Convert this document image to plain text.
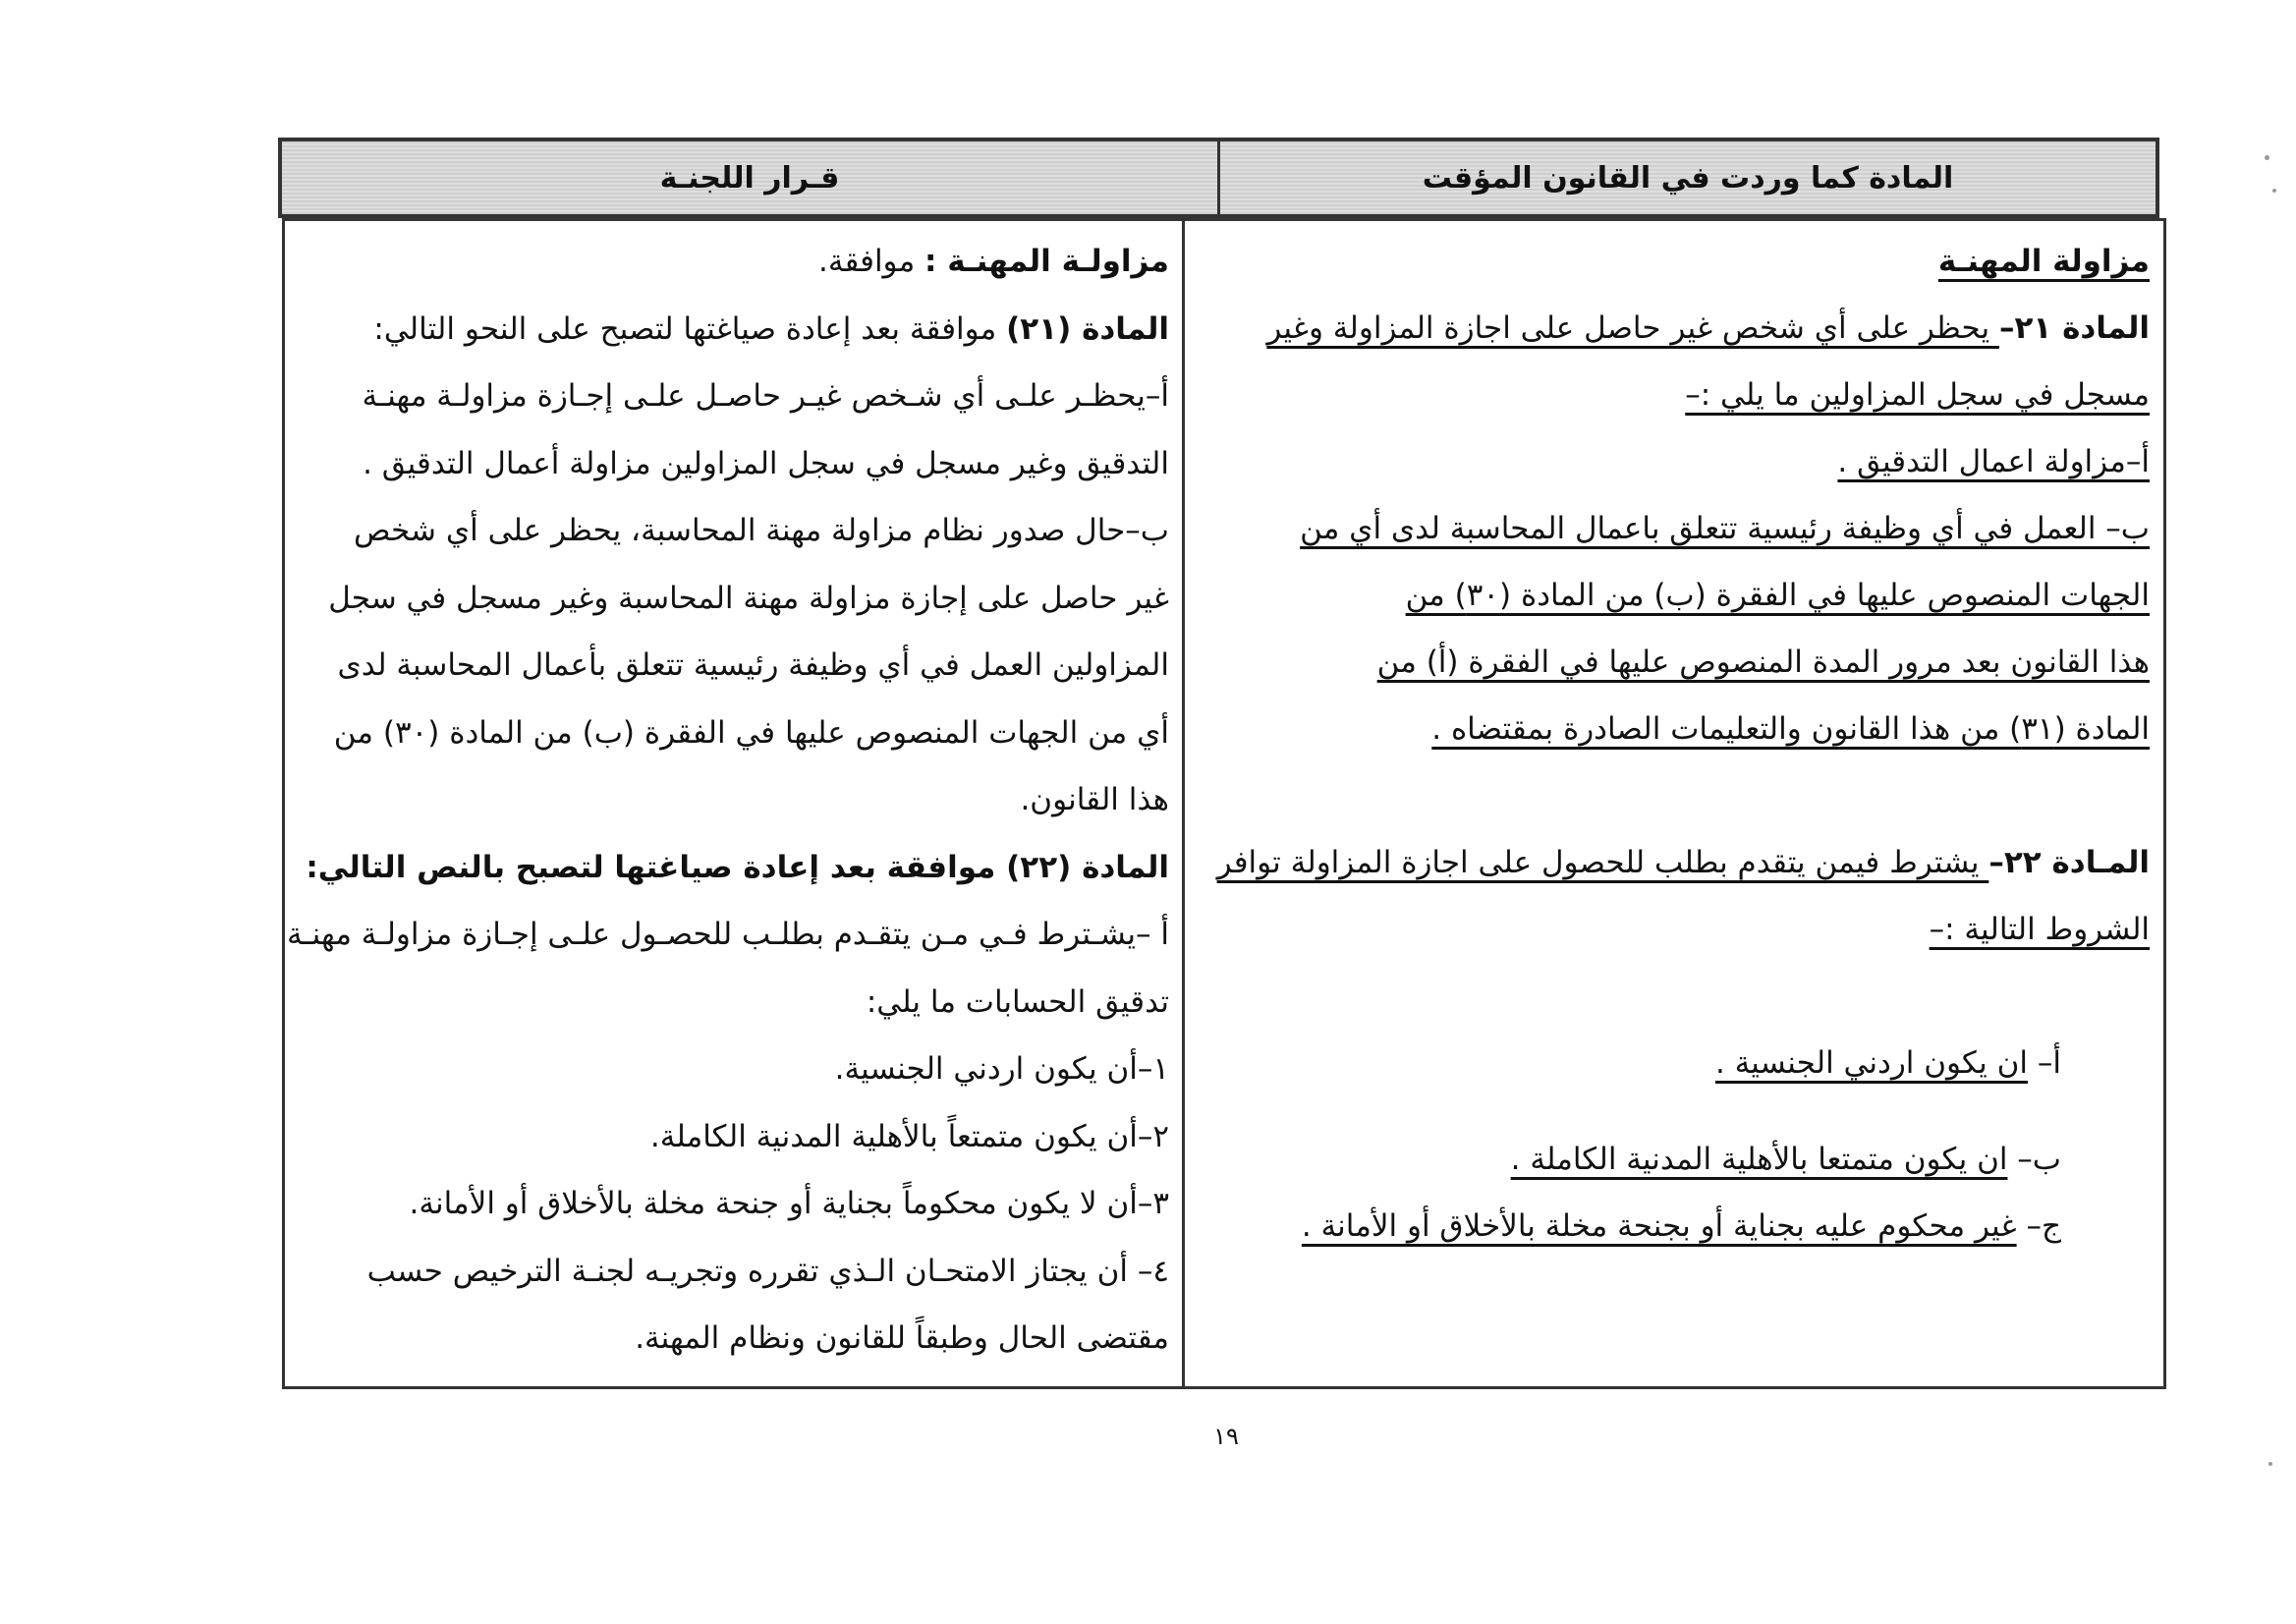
قـرار اللجنـة	المادة كما وردت في القانون المؤقت
مزاولة المهنـة
المادة ٢١– يحظر على أي شخص غير حاصل على اجازة المزاولة وغير
مسجل في سجل المزاولين ما يلي :–
أ–مزاولة اعمال التدقيق .
ب– العمل في أي وظيفة رئيسية تتعلق باعمال المحاسبة لدى أي من
الجهات المنصوص عليها في الفقرة (ب) من المادة (٣٠) من
هذا القانون بعد مرور المدة المنصوص عليها في الفقرة (أ) من
المادة (٣١) من هذا القانون والتعليمات الصادرة بمقتضاه .
المـادة ٢٢– يشترط فيمن يتقدم بطلب للحصول على اجازة المزاولة توافر
الشروط التالية :–
أ– ان يكون اردني الجنسية .
ب– ان يكون متمتعا بالأهلية المدنية الكاملة .
ج– غير محكوم عليه بجناية أو بجنحة مخلة بالأخلاق أو الأمانة .
مزاولـة المهنـة : موافقة.
المادة (٢١) موافقة بعد إعادة صياغتها لتصبح على النحو التالي:
أ–يحظـر علـى أي شـخص غيـر حاصـل علـى إجـازة مزاولـة مهنـة
التدقيق وغير مسجل في سجل المزاولين مزاولة أعمال التدقيق .
ب–حال صدور نظام مزاولة مهنة المحاسبة، يحظر على أي شخص
غير حاصل على إجازة مزاولة مهنة المحاسبة وغير مسجل في سجل
المزاولين العمل في أي وظيفة رئيسية تتعلق بأعمال المحاسبة لدى
أي من الجهات المنصوص عليها في الفقرة (ب) من المادة (٣٠) من
هذا القانون.
المادة (٢٢) موافقة بعد إعادة صياغتها لتصبح بالنص التالي:
أ –يشـترط فـي مـن يتقـدم بطلـب للحصـول علـى إجـازة مزاولـة مهنـة
تدقيق الحسابات ما يلي:
١–أن يكون اردني الجنسية.
٢–أن يكون متمتعاً بالأهلية المدنية الكاملة.
٣–أن لا يكون محكوماً بجناية أو جنحة مخلة بالأخلاق أو الأمانة.
٤– أن يجتاز الامتحـان الـذي تقرره وتجريـه لجنـة الترخيص حسب
مقتضى الحال وطبقاً للقانون ونظام المهنة.
١٩
